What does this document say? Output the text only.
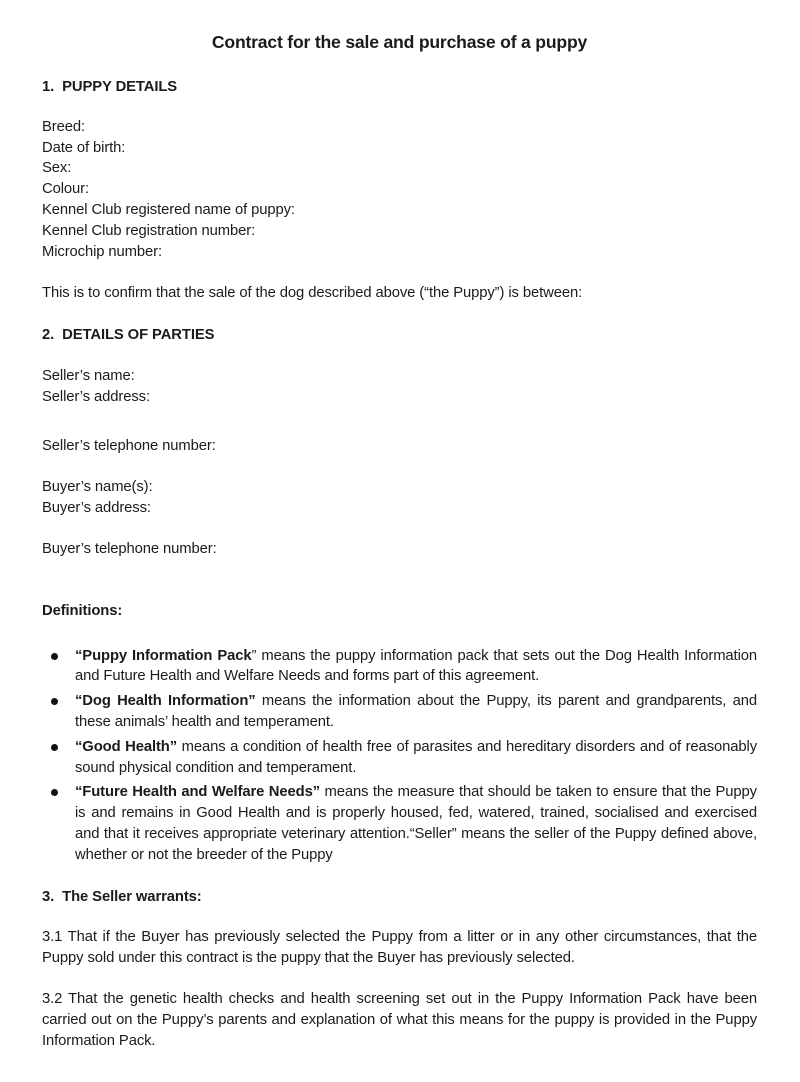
Contract for the sale and purchase of a puppy
1.  PUPPY DETAILS
Breed:
Date of birth:
Sex:
Colour:
Kennel Club registered name of puppy:
Kennel Club registration number:
Microchip number:
This is to confirm that the sale of the dog described above (“the Puppy”) is between:
2.  DETAILS OF PARTIES
Seller’s name:
Seller’s address:
Seller’s telephone number:
Buyer’s name(s):
Buyer’s address:
Buyer’s telephone number:
Definitions:
“Puppy Information Pack” means the puppy information pack that sets out the Dog Health Information and Future Health and Welfare Needs and forms part of this agreement.
“Dog Health Information” means the information about the Puppy, its parent and grandparents, and these animals’ health and temperament.
“Good Health” means a condition of health free of parasites and hereditary disorders and of reasonably sound physical condition and temperament.
“Future Health and Welfare Needs” means the measure that should be taken to ensure that the Puppy is and remains in Good Health and is properly housed, fed, watered, trained, socialised and exercised and that it receives appropriate veterinary attention.“Seller” means the seller of the Puppy defined above, whether or not the breeder of the Puppy
3.  The Seller warrants:
3.1 That if the Buyer has previously selected the Puppy from a litter or in any other circumstances, that the Puppy sold under this contract is the puppy that the Buyer has previously selected.
3.2 That the genetic health checks and health screening set out in the Puppy Information Pack have been carried out on the Puppy’s parents and explanation of what this means for the puppy is provided in the Puppy Information Pack.
